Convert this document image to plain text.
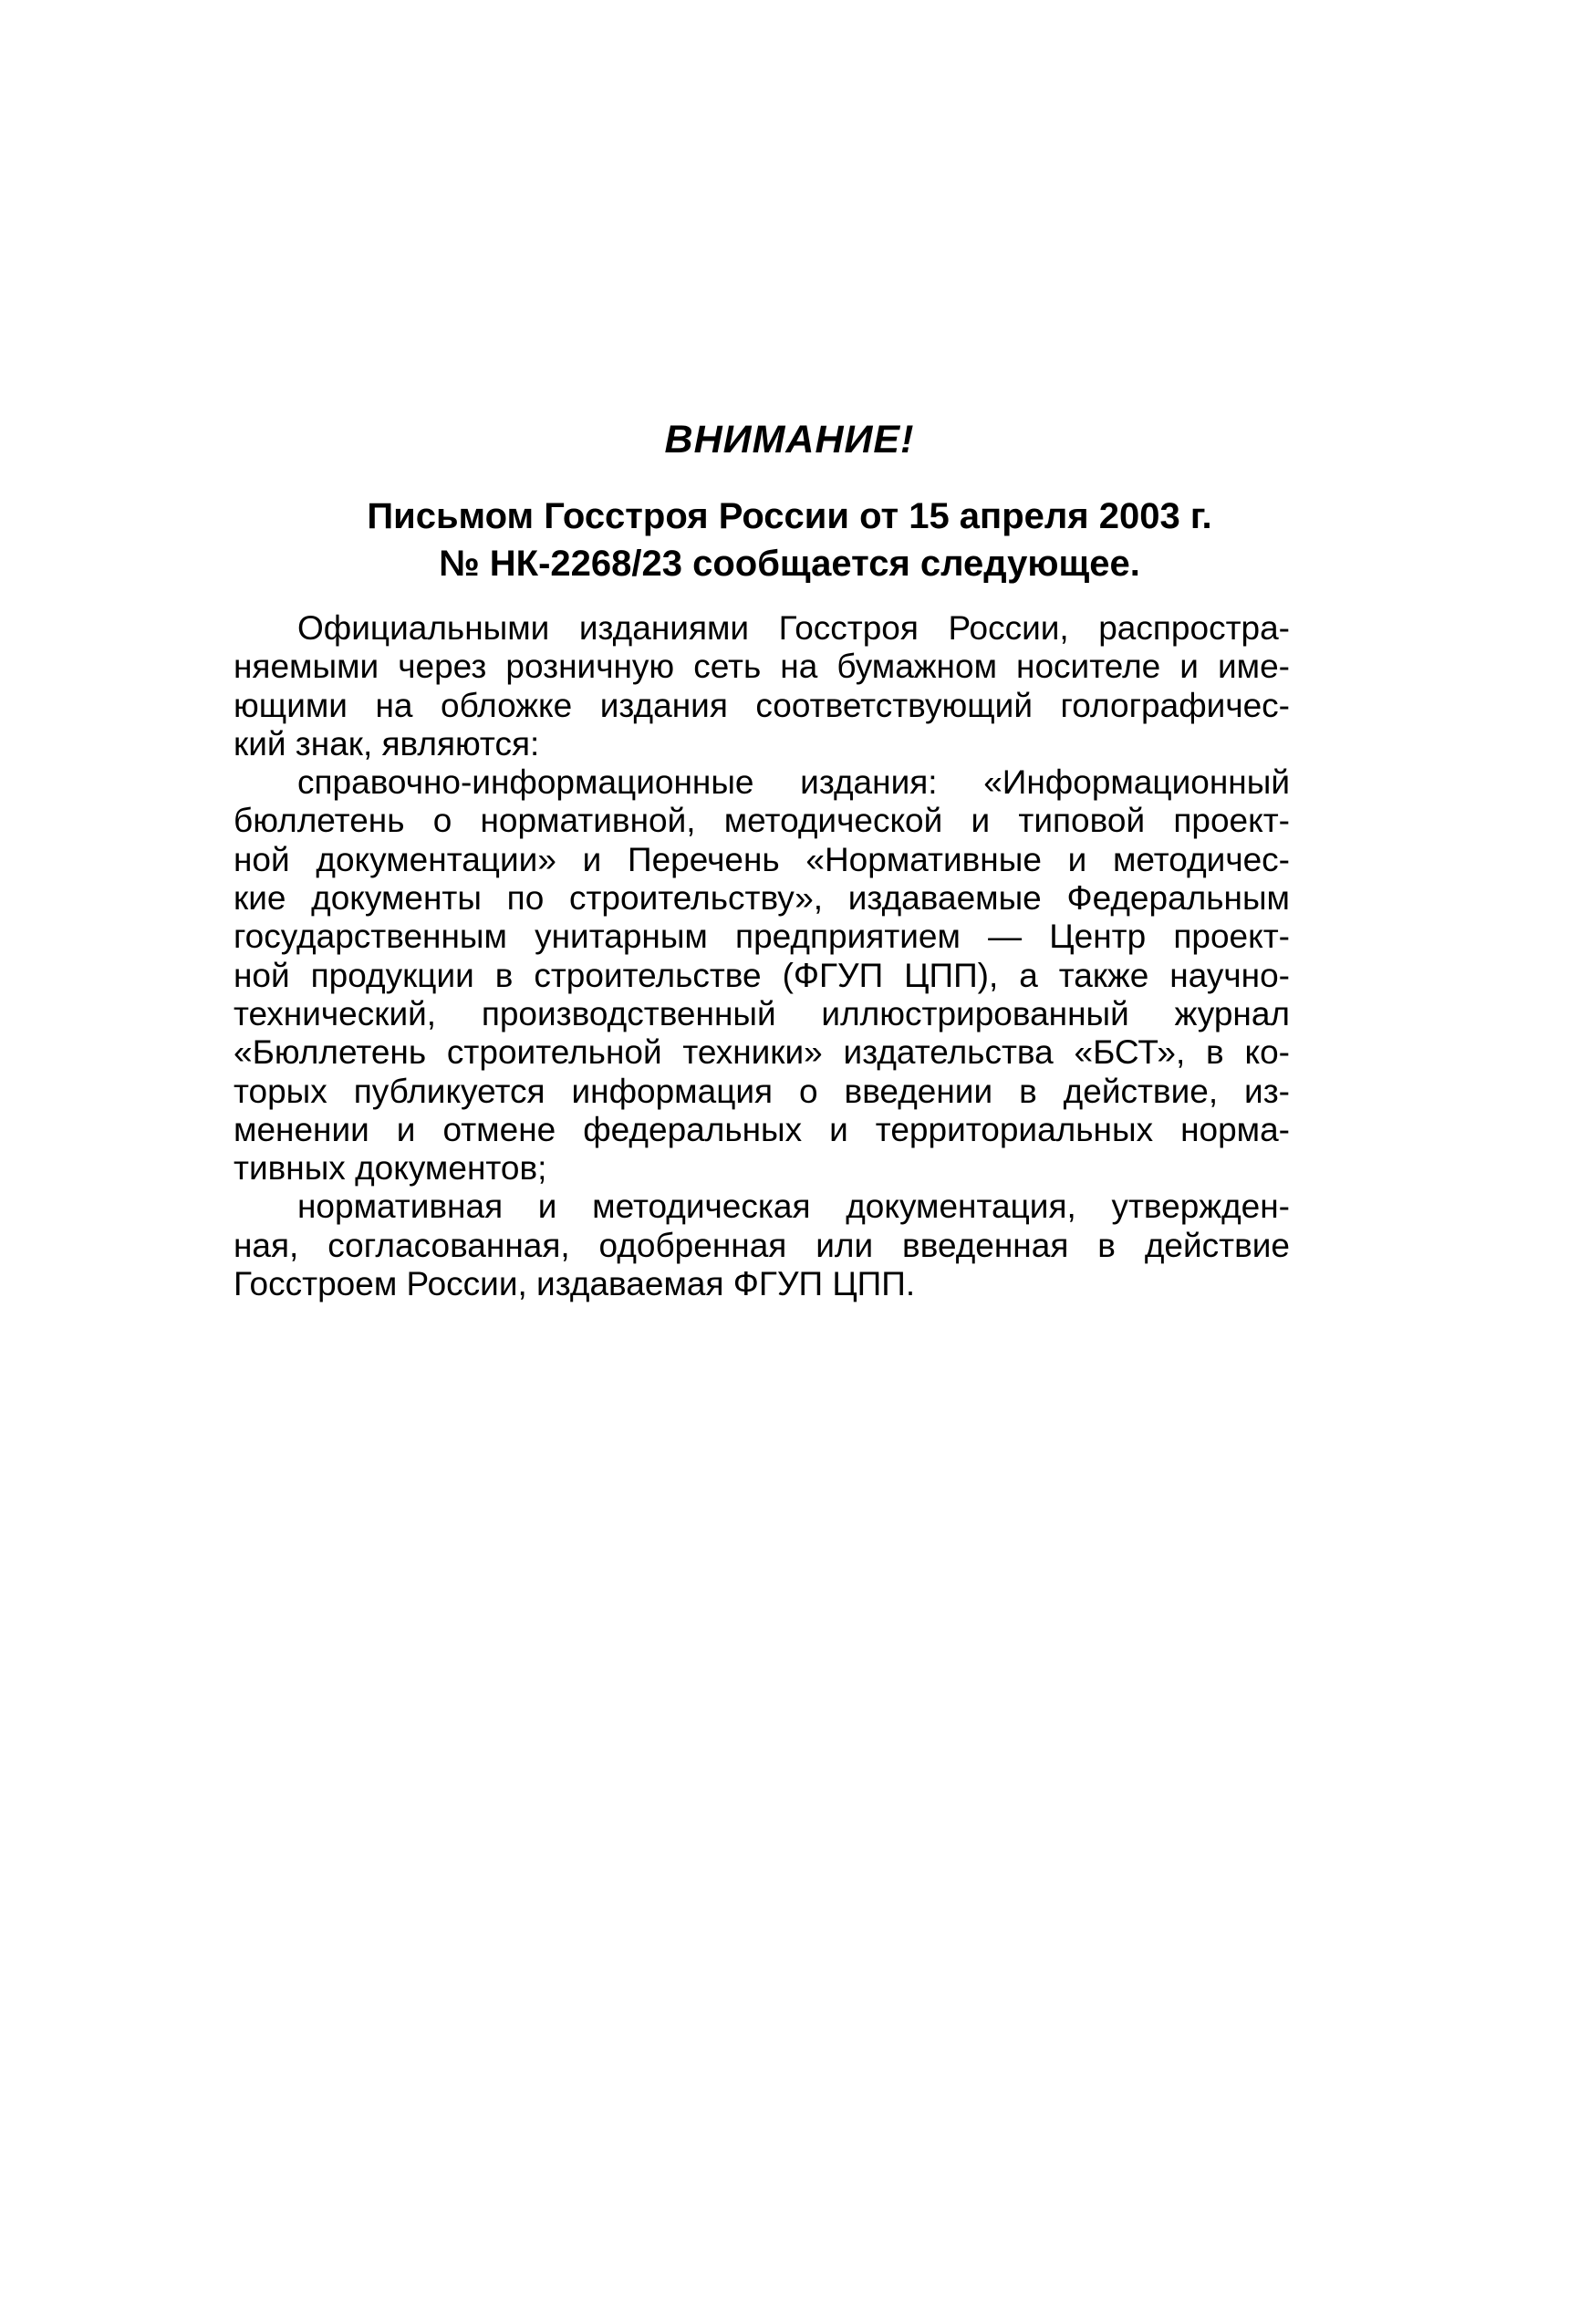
ВНИМАНИЕ!
Письмом Госстроя России от 15 апреля 2003 г.
№ НК-2268/23 сообщается следующее.
Официальными изданиями Госстроя России, распростра-
няемыми через розничную сеть на бумажном носителе и име-
ющими на обложке издания соответствующий голографичес-
кий знак, являются:
справочно-информационные издания: «Информационный
бюллетень о нормативной, методической и типовой проект-
ной документации» и Перечень «Нормативные и методичес-
кие документы по строительству», издаваемые Федеральным
государственным унитарным предприятием — Центр проект-
ной продукции в строительстве (ФГУП ЦПП), а также научно-
технический, производственный иллюстрированный журнал
«Бюллетень строительной техники» издательства «БСТ», в ко-
торых публикуется информация о введении в действие, из-
менении и отмене федеральных и территориальных норма-
тивных документов;
нормативная и методическая документация, утвержден-
ная, согласованная, одобренная или введенная в действие
Госстроем России, издаваемая ФГУП ЦПП.
